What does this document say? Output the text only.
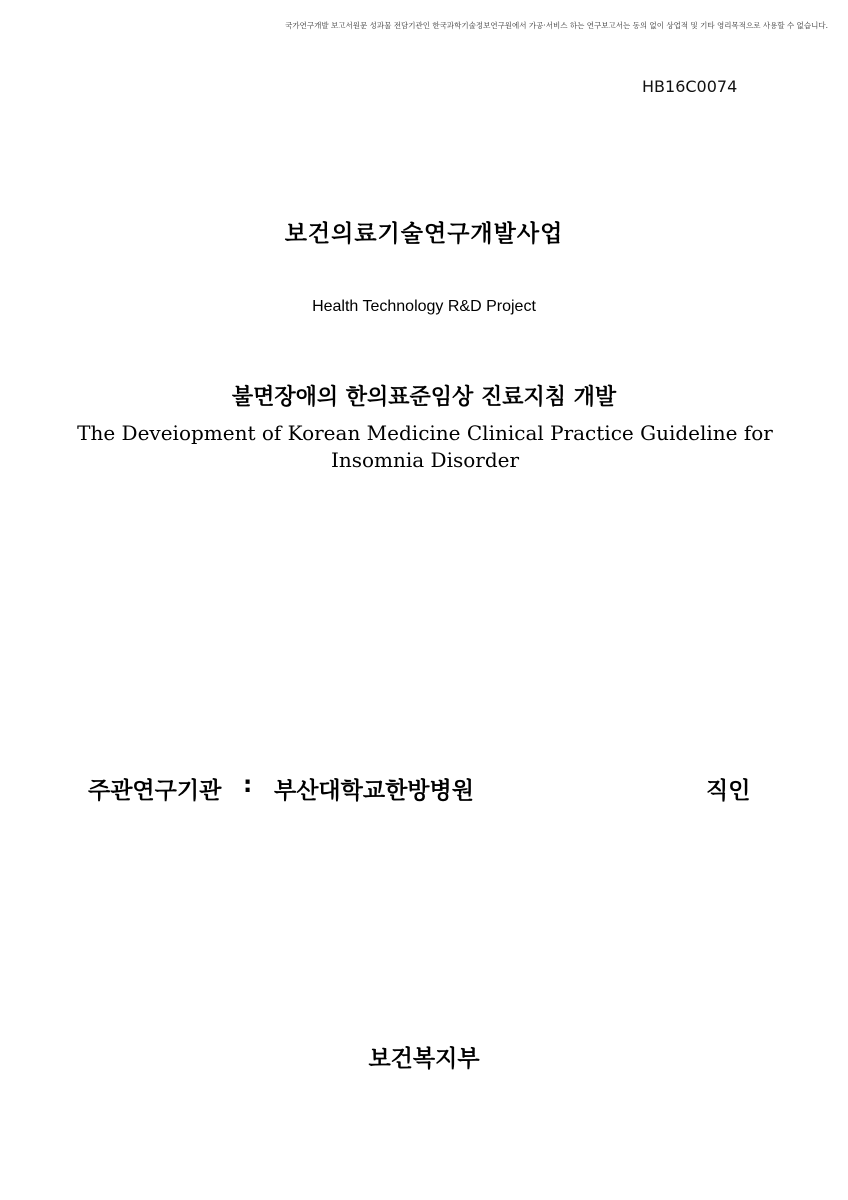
국가연구개발 보고서원문 성과물 전담기관인 한국과학기술정보연구원에서 가공·서비스 하는 연구보고서는 동의 없이 상업적 및 기타 영리목적으로 사용할 수 없습니다.
HB16C0074
보건의료기술연구개발사업
Health Technology R&D Project
불면장애의 한의표준임상 진료지침 개발
The Deveiopment of Korean Medicine Clinical Practice Guideline for
Insomnia Disorder
주관연구기관 : 부산대학교한방병원	직인
보건복지부
